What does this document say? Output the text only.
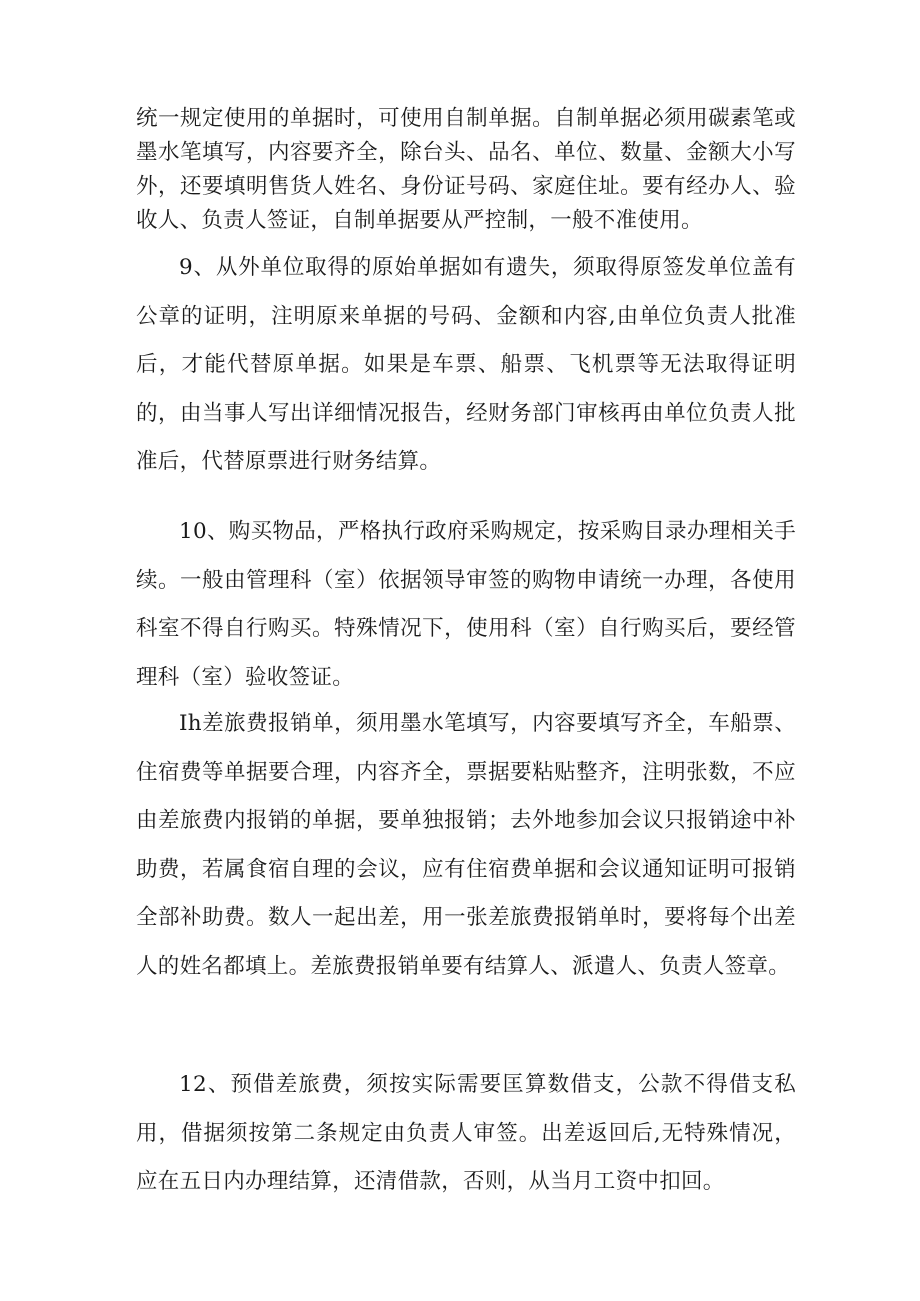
统一规定使用的单据时，可使用自制单据。自制单据必须用碳素笔或墨水笔填写，内容要齐全，除台头、品名、单位、数量、金额大小写外，还要填明售货人姓名、身份证号码、家庭住址。要有经办人、验收人、负责人签证，自制单据要从严控制，一般不准使用。

9、从外单位取得的原始单据如有遗失，须取得原签发单位盖有公章的证明，注明原来单据的号码、金额和内容,由单位负责人批准后，才能代替原单据。如果是车票、船票、飞机票等无法取得证明的，由当事人写出详细情况报告，经财务部门审核再由单位负责人批准后，代替原票进行财务结算。

10、购买物品，严格执行政府采购规定，按采购目录办理相关手续。一般由管理科（室）依据领导审签的购物申请统一办理，各使用科室不得自行购买。特殊情况下，使用科（室）自行购买后，要经管理科（室）验收签证。

Ih差旅费报销单，须用墨水笔填写，内容要填写齐全，车船票、住宿费等单据要合理，内容齐全，票据要粘贴整齐，注明张数，不应由差旅费内报销的单据，要单独报销；去外地参加会议只报销途中补助费，若属食宿自理的会议，应有住宿费单据和会议通知证明可报销全部补助费。数人一起出差，用一张差旅费报销单时，要将每个出差人的姓名都填上。差旅费报销单要有结算人、派遣人、负责人签章。

12、预借差旅费，须按实际需要匡算数借支，公款不得借支私用，借据须按第二条规定由负责人审签。出差返回后,无特殊情况，应在五日内办理结算，还清借款，否则，从当月工资中扣回。
